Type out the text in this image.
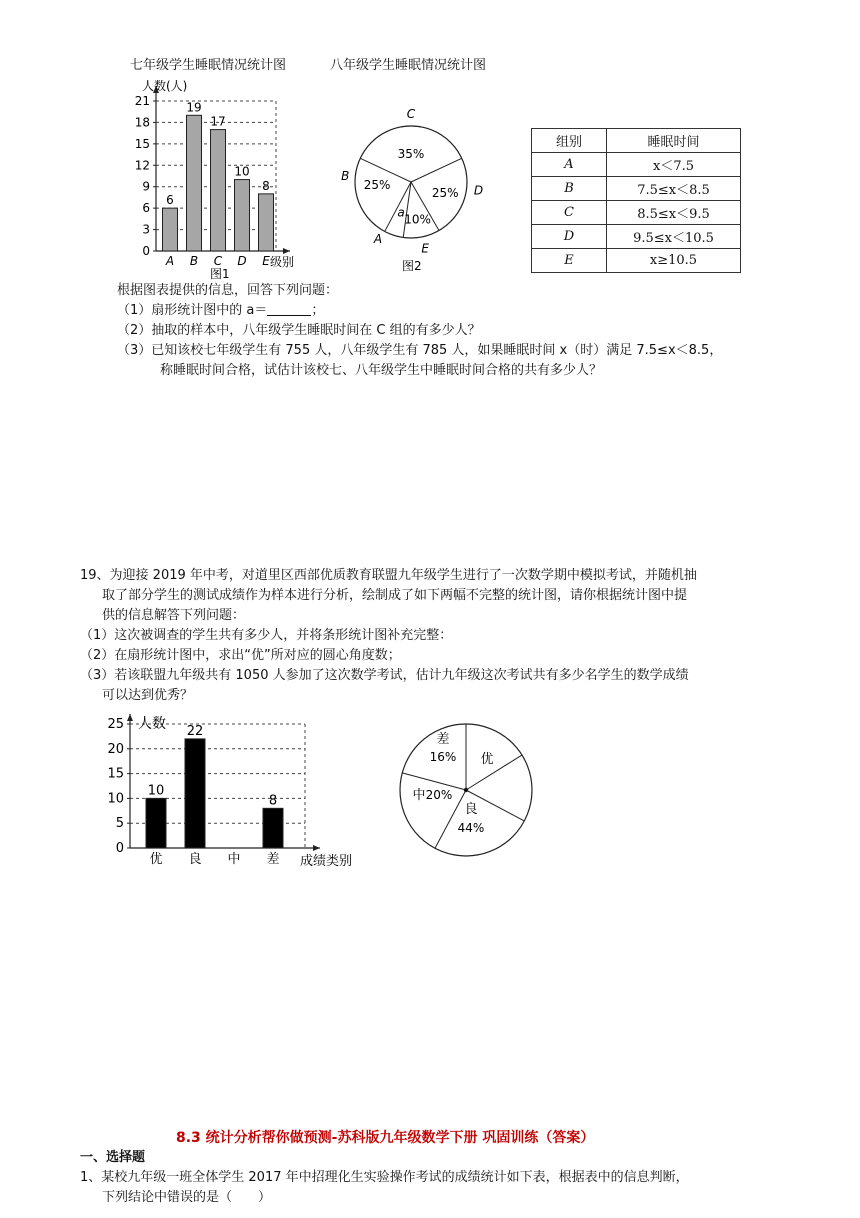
七年级学生睡眠情况统计图	八年级学生睡眠情况统计图
0
3
6
9
12
15
18
21
6
A
19
B
17
C
10
D
8
E
人数(人)
级别
图1
35%
25%
10%
a
25%
C
D
E
A
B
图2
组别	睡眠时间
A	x＜7.5
B	7.5≤x＜8.5
C	8.5≤x＜9.5
D	9.5≤x＜10.5
E	x≥10.5
根据图表提供的信息，回答下列问题：
（1）扇形统计图中的 a＝	；
（2）抽取的样本中，八年级学生睡眠时间在 C 组的有多少人？
（3）已知该校七年级学生有 755 人，八年级学生有 785 人，如果睡眠时间 x（时）满足 7.5≤x＜8.5，
称睡眠时间合格，试估计该校七、八年级学生中睡眠时间合格的共有多少人？
19、为迎接 2019 年中考，对道里区西部优质教育联盟九年级学生进行了一次数学期中模拟考试，并随机抽
取了部分学生的测试成绩作为样本进行分析，绘制成了如下两幅不完整的统计图，请你根据统计图中提
供的信息解答下列问题：
（1）这次被调查的学生共有多少人，并将条形统计图补充完整：
（2）在扇形统计图中，求出“优”所对应的圆心角度数；
（3）若该联盟九年级共有 1050 人参加了这次数学考试，估计九年级这次考试共有多少名学生的数学成绩
可以达到优秀？
0
5
10
15
20
25
10
优
22
良 中
8
差
人数
成绩类别
差
16% 优
良
44%
中 20%
8.3 统计分析帮你做预测-苏科版九年级数学下册 巩固训练（答案）
一、选择题
1、某校九年级一班全体学生 2017 年中招理化生实验操作考试的成绩统计如下表，根据表中的信息判断，
下列结论中错误的是（　　）
